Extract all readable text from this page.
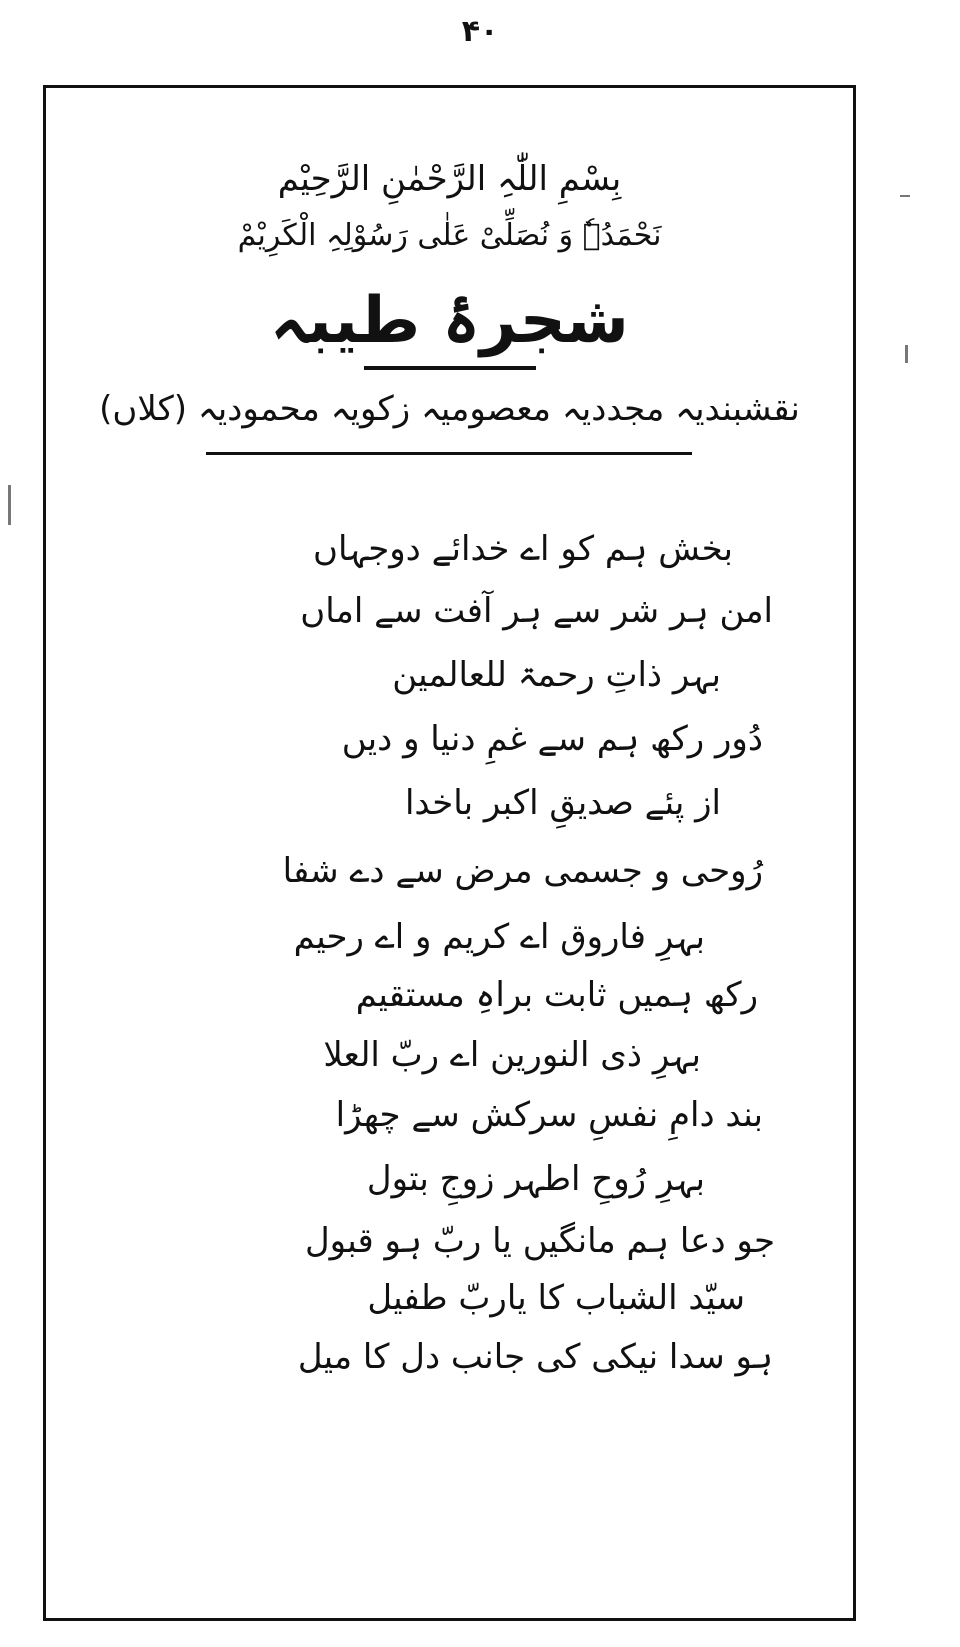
۴۰
بِسْمِ اللّٰہِ الرَّحْمٰنِ الرَّحِیْم
نَحْمَدُہٗ وَ نُصَلِّیْ عَلٰی رَسُوْلِہِ الْکَرِیْمْ
شجرۂ طیبہ
نقشبندیہ مجددیہ معصومیہ زکویہ محمودیہ (کلاں)
بخش ہم کو اے خدائے دوجہاں
امن ہر شر سے ہر آفت سے اماں
بہر ذاتِ رحمۃ للعالمین
دُور رکھ ہم سے غمِ دنیا و دیں
از پئے صدیقِ اکبر باخدا
رُوحی و جسمی مرض سے دے شفا
بہرِ فاروق اے کریم و اے رحیم
رکھ ہمیں ثابت براہِ مستقیم
بہرِ ذی النورین اے ربّ العلا
بند دامِ نفسِ سرکش سے چھڑا
بہرِ رُوحِ اطہر زوجِ بتول
جو دعا ہم مانگیں یا ربّ ہو قبول
سیّد الشباب کا یاربّ طفیل
ہو سدا نیکی کی جانب دل کا میل
